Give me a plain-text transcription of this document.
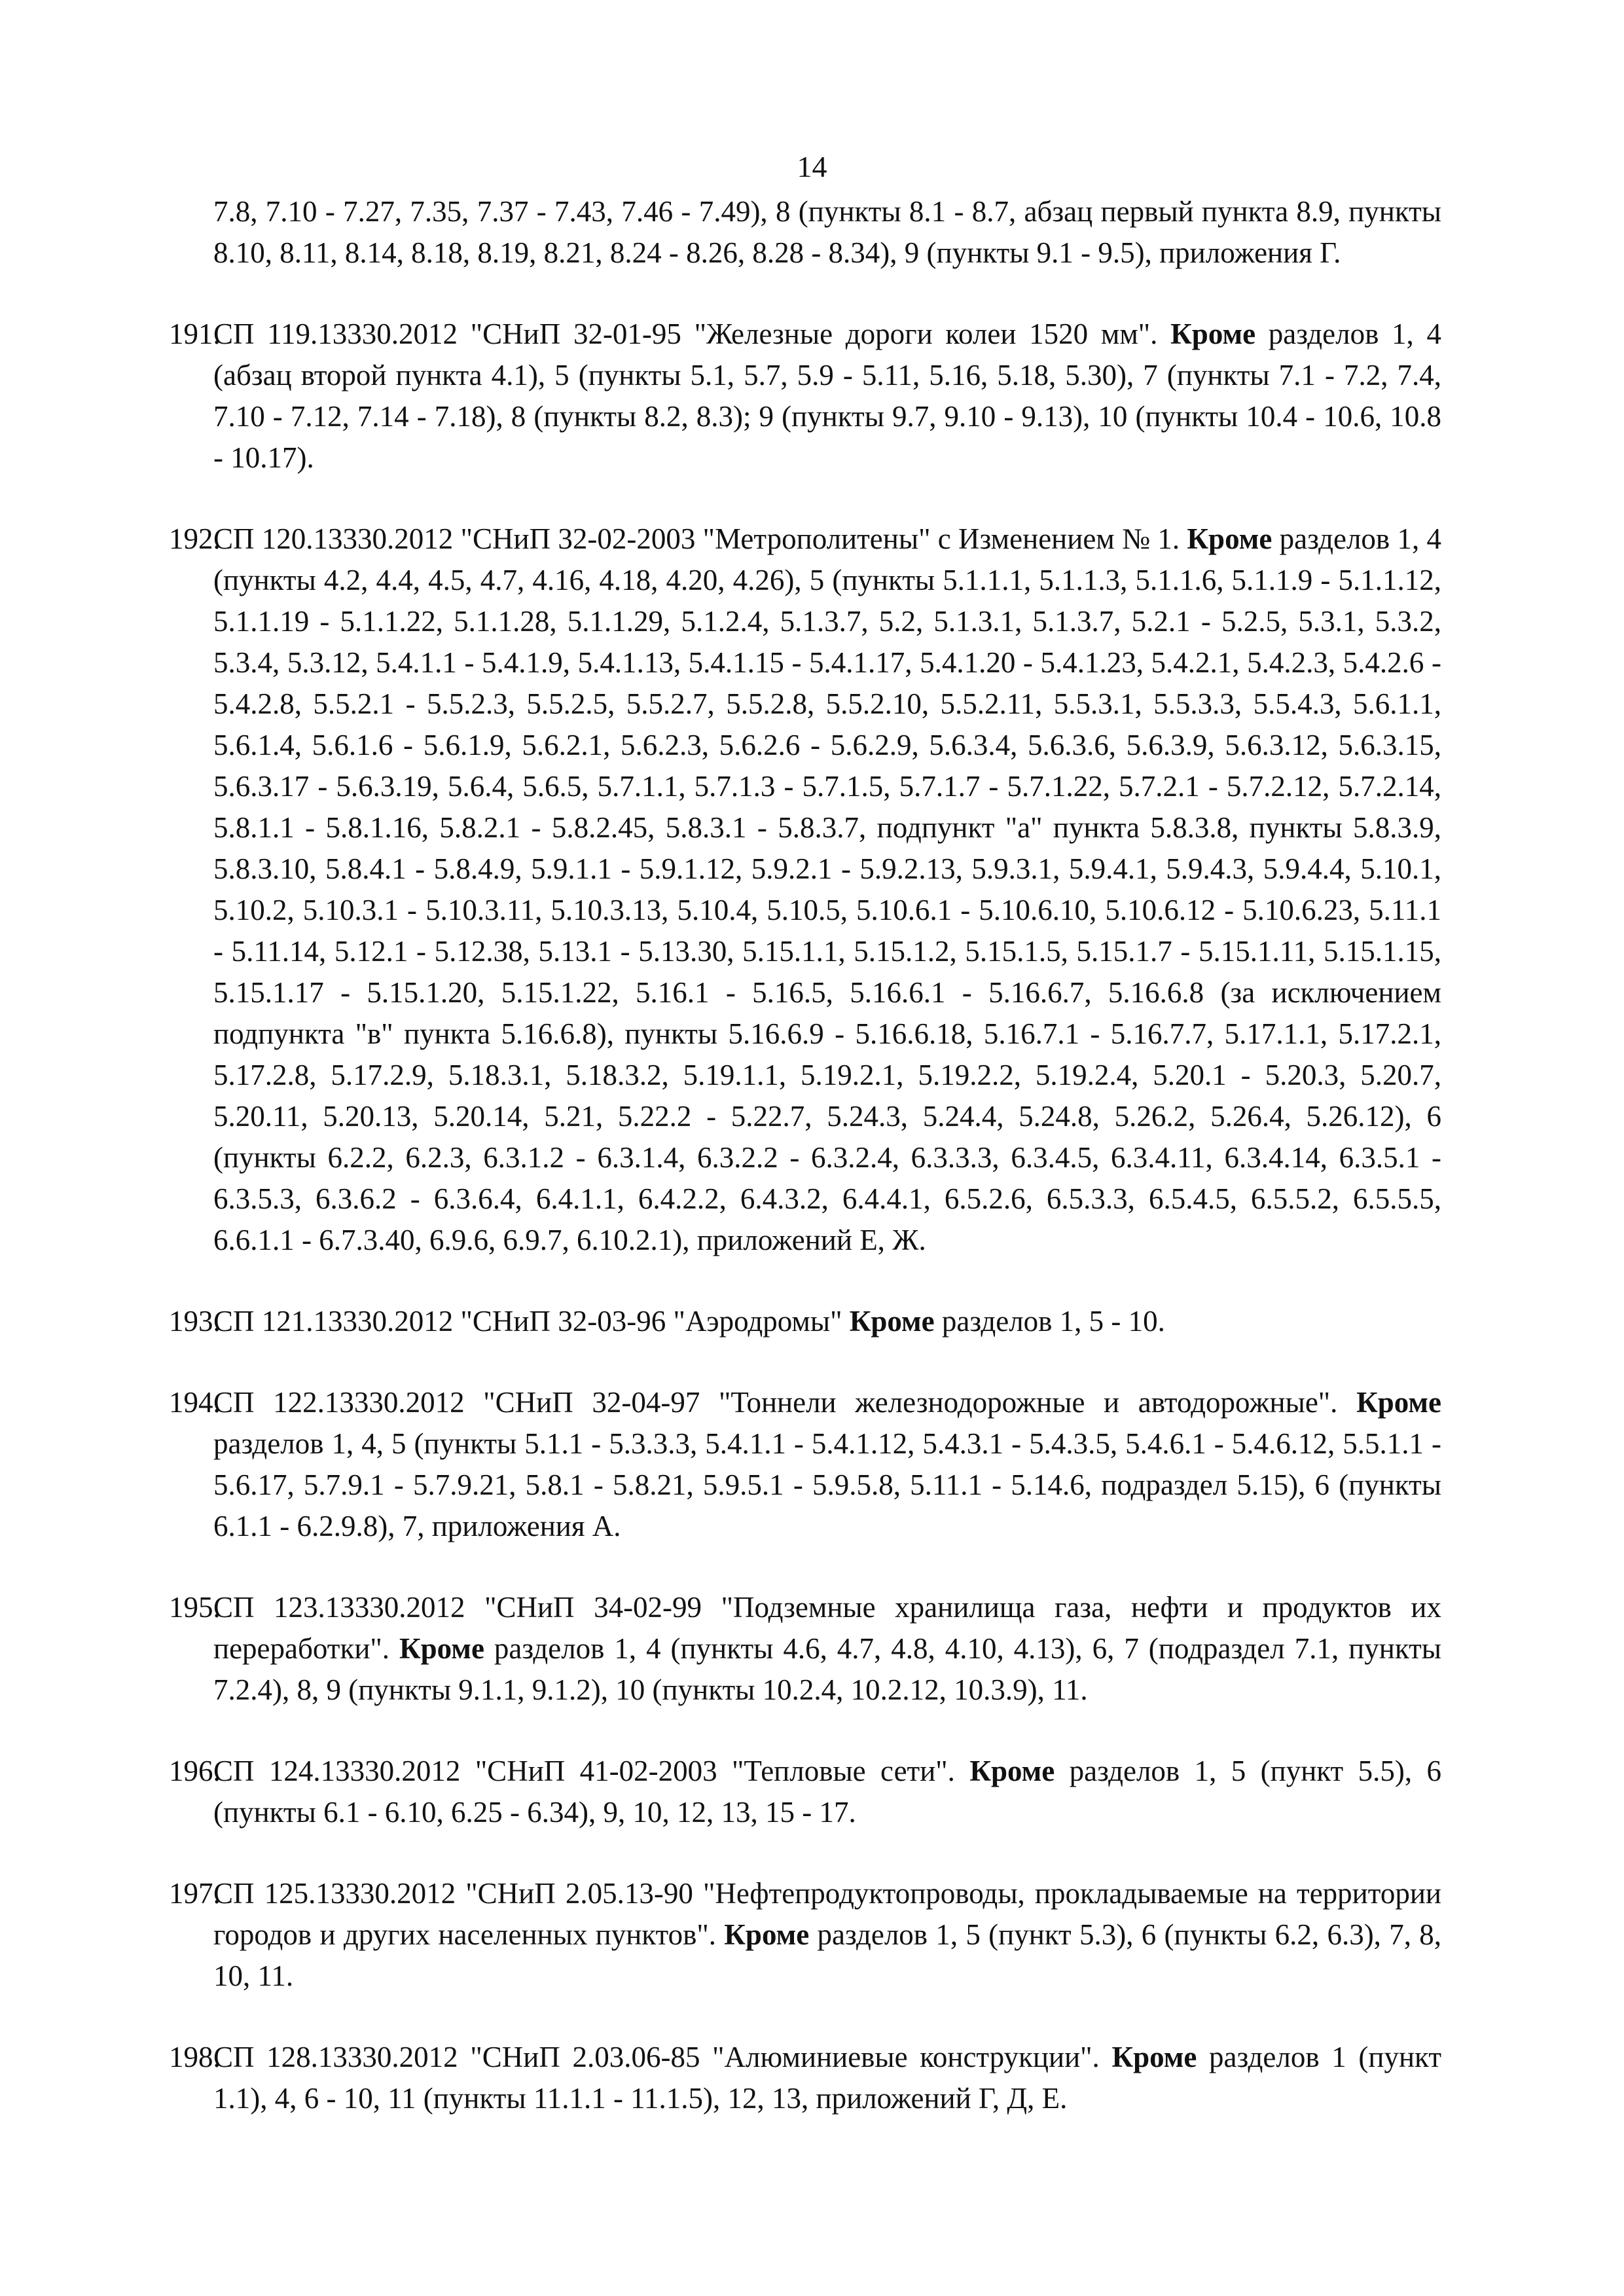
14

7.8, 7.10 - 7.27, 7.35, 7.37 - 7.43, 7.46 - 7.49), 8 (пункты 8.1 - 8.7, абзац первый пункта 8.9, пункты 8.10, 8.11, 8.14, 8.18, 8.19, 8.21, 8.24 - 8.26, 8.28 - 8.34), 9 (пункты 9.1 - 9.5), приложения Г.

191.
СП 119.13330.2012 "СНиП 32-01-95 "Железные дороги колеи 1520 мм". Кроме разделов 1, 4 (абзац второй пункта 4.1), 5 (пункты 5.1, 5.7, 5.9 - 5.11, 5.16, 5.18, 5.30), 7 (пункты 7.1 - 7.2, 7.4, 7.10 - 7.12, 7.14 - 7.18), 8 (пункты 8.2, 8.3); 9 (пункты 9.7, 9.10 - 9.13), 10 (пункты 10.4 - 10.6, 10.8 - 10.17).

192.
СП 120.13330.2012 "СНиП 32-02-2003 "Метрополитены" с Изменением № 1. Кроме разделов 1, 4 (пункты 4.2, 4.4, 4.5, 4.7, 4.16, 4.18, 4.20, 4.26), 5 (пункты 5.1.1.1, 5.1.1.3, 5.1.1.6, 5.1.1.9 - 5.1.1.12, 5.1.1.19 - 5.1.1.22, 5.1.1.28, 5.1.1.29, 5.1.2.4, 5.1.3.7, 5.2, 5.1.3.1, 5.1.3.7, 5.2.1 - 5.2.5, 5.3.1, 5.3.2, 5.3.4, 5.3.12, 5.4.1.1 - 5.4.1.9, 5.4.1.13, 5.4.1.15 - 5.4.1.17, 5.4.1.20 - 5.4.1.23, 5.4.2.1, 5.4.2.3, 5.4.2.6 - 5.4.2.8, 5.5.2.1 - 5.5.2.3, 5.5.2.5, 5.5.2.7, 5.5.2.8, 5.5.2.10, 5.5.2.11, 5.5.3.1, 5.5.3.3, 5.5.4.3, 5.6.1.1, 5.6.1.4, 5.6.1.6 - 5.6.1.9, 5.6.2.1, 5.6.2.3, 5.6.2.6 - 5.6.2.9, 5.6.3.4, 5.6.3.6, 5.6.3.9, 5.6.3.12, 5.6.3.15, 5.6.3.17 - 5.6.3.19, 5.6.4, 5.6.5, 5.7.1.1, 5.7.1.3 - 5.7.1.5, 5.7.1.7 - 5.7.1.22, 5.7.2.1 - 5.7.2.12, 5.7.2.14, 5.8.1.1 - 5.8.1.16, 5.8.2.1 - 5.8.2.45, 5.8.3.1 - 5.8.3.7, подпункт "а" пункта 5.8.3.8, пункты 5.8.3.9, 5.8.3.10, 5.8.4.1 - 5.8.4.9, 5.9.1.1 - 5.9.1.12, 5.9.2.1 - 5.9.2.13, 5.9.3.1, 5.9.4.1, 5.9.4.3, 5.9.4.4, 5.10.1, 5.10.2, 5.10.3.1 - 5.10.3.11, 5.10.3.13, 5.10.4, 5.10.5, 5.10.6.1 - 5.10.6.10, 5.10.6.12 - 5.10.6.23, 5.11.1 - 5.11.14, 5.12.1 - 5.12.38, 5.13.1 - 5.13.30, 5.15.1.1, 5.15.1.2, 5.15.1.5, 5.15.1.7 - 5.15.1.11, 5.15.1.15, 5.15.1.17 - 5.15.1.20, 5.15.1.22, 5.16.1 - 5.16.5, 5.16.6.1 - 5.16.6.7, 5.16.6.8 (за исключением подпункта "в" пункта 5.16.6.8), пункты 5.16.6.9 - 5.16.6.18, 5.16.7.1 - 5.16.7.7, 5.17.1.1, 5.17.2.1, 5.17.2.8, 5.17.2.9, 5.18.3.1, 5.18.3.2, 5.19.1.1, 5.19.2.1, 5.19.2.2, 5.19.2.4, 5.20.1 - 5.20.3, 5.20.7, 5.20.11, 5.20.13, 5.20.14, 5.21, 5.22.2 - 5.22.7, 5.24.3, 5.24.4, 5.24.8, 5.26.2, 5.26.4, 5.26.12), 6 (пункты 6.2.2, 6.2.3, 6.3.1.2 - 6.3.1.4, 6.3.2.2 - 6.3.2.4, 6.3.3.3, 6.3.4.5, 6.3.4.11, 6.3.4.14, 6.3.5.1 - 6.3.5.3, 6.3.6.2 - 6.3.6.4, 6.4.1.1, 6.4.2.2, 6.4.3.2, 6.4.4.1, 6.5.2.6, 6.5.3.3, 6.5.4.5, 6.5.5.2, 6.5.5.5, 6.6.1.1 - 6.7.3.40, 6.9.6, 6.9.7, 6.10.2.1), приложений Е, Ж.

193.
СП 121.13330.2012 "СНиП 32-03-96 "Аэродромы" Кроме разделов 1, 5 - 10.

194.
СП 122.13330.2012 "СНиП 32-04-97 "Тоннели железнодорожные и автодорожные". Кроме разделов 1, 4, 5 (пункты 5.1.1 - 5.3.3.3, 5.4.1.1 - 5.4.1.12, 5.4.3.1 - 5.4.3.5, 5.4.6.1 - 5.4.6.12, 5.5.1.1 - 5.6.17, 5.7.9.1 - 5.7.9.21, 5.8.1 - 5.8.21, 5.9.5.1 - 5.9.5.8, 5.11.1 - 5.14.6, подраздел 5.15), 6 (пункты 6.1.1 - 6.2.9.8), 7, приложения А.

195.
СП 123.13330.2012 "СНиП 34-02-99 "Подземные хранилища газа, нефти и продуктов их переработки". Кроме разделов 1, 4 (пункты 4.6, 4.7, 4.8, 4.10, 4.13), 6, 7 (подраздел 7.1, пункты 7.2.4), 8, 9 (пункты 9.1.1, 9.1.2), 10 (пункты 10.2.4, 10.2.12, 10.3.9), 11.

196.
СП 124.13330.2012 "СНиП 41-02-2003 "Тепловые сети". Кроме разделов 1, 5 (пункт 5.5), 6 (пункты 6.1 - 6.10, 6.25 - 6.34), 9, 10, 12, 13, 15 - 17.

197.
СП 125.13330.2012 "СНиП 2.05.13-90 "Нефтепродуктопроводы, прокладываемые на территории городов и других населенных пунктов". Кроме разделов 1, 5 (пункт 5.3), 6 (пункты 6.2, 6.3), 7, 8, 10, 11.

198.
СП 128.13330.2012 "СНиП 2.03.06-85 "Алюминиевые конструкции". Кроме разделов 1 (пункт 1.1), 4, 6 - 10, 11 (пункты 11.1.1 - 11.1.5), 12, 13, приложений Г, Д, Е.
